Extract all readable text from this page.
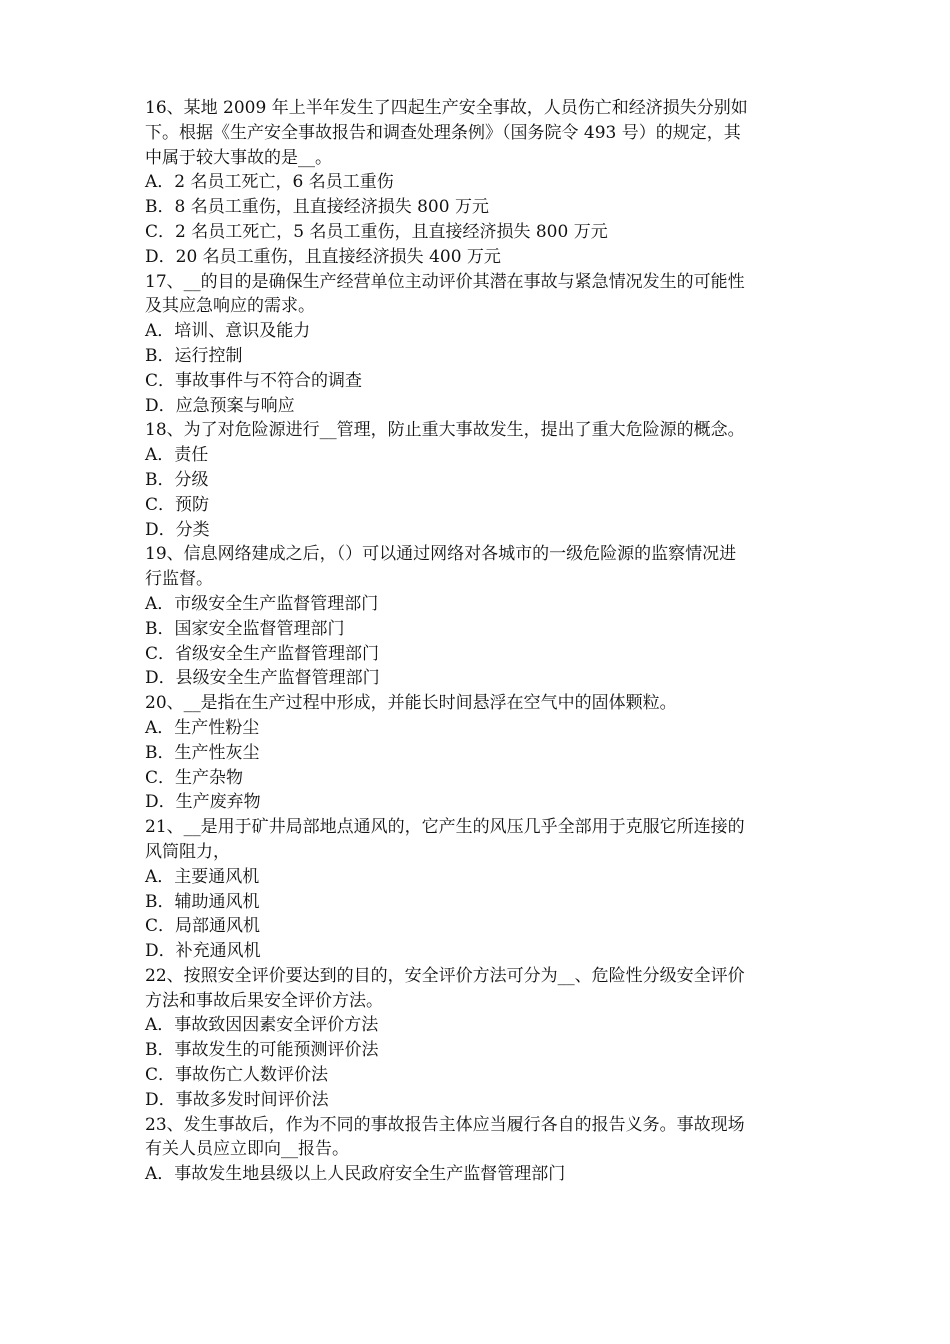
16、某地 2009 年上半年发生了四起生产安全事故，人员伤亡和经济损失分别如
下。根据《生产安全事故报告和调查处理条例》（国务院令 493 号）的规定，其
中属于较大事故的是__。
A．2 名员工死亡，6 名员工重伤
B．8 名员工重伤，且直接经济损失 800 万元
C．2 名员工死亡，5 名员工重伤，且直接经济损失 800 万元
D．20 名员工重伤，且直接经济损失 400 万元
17、__的目的是确保生产经营单位主动评价其潜在事故与紧急情况发生的可能性
及其应急响应的需求。
A．培训、意识及能力
B．运行控制
C．事故事件与不符合的调查
D．应急预案与响应
18、为了对危险源进行__管理，防止重大事故发生，提出了重大危险源的概念。
A．责任
B．分级
C．预防
D．分类
19、信息网络建成之后，（）可以通过网络对各城市的一级危险源的监察情况进
行监督。
A．市级安全生产监督管理部门
B．国家安全监督管理部门
C．省级安全生产监督管理部门
D．县级安全生产监督管理部门
20、__是指在生产过程中形成，并能长时间悬浮在空气中的固体颗粒。
A．生产性粉尘
B．生产性灰尘
C．生产杂物
D．生产废弃物
21、__是用于矿井局部地点通风的，它产生的风压几乎全部用于克服它所连接的
风筒阻力，
A．主要通风机
B．辅助通风机
C．局部通风机
D．补充通风机
22、按照安全评价要达到的目的，安全评价方法可分为__、危险性分级安全评价
方法和事故后果安全评价方法。
A．事故致因因素安全评价方法
B．事故发生的可能预测评价法
C．事故伤亡人数评价法
D．事故多发时间评价法
23、发生事故后，作为不同的事故报告主体应当履行各自的报告义务。事故现场
有关人员应立即向__报告。
A．事故发生地县级以上人民政府安全生产监督管理部门
